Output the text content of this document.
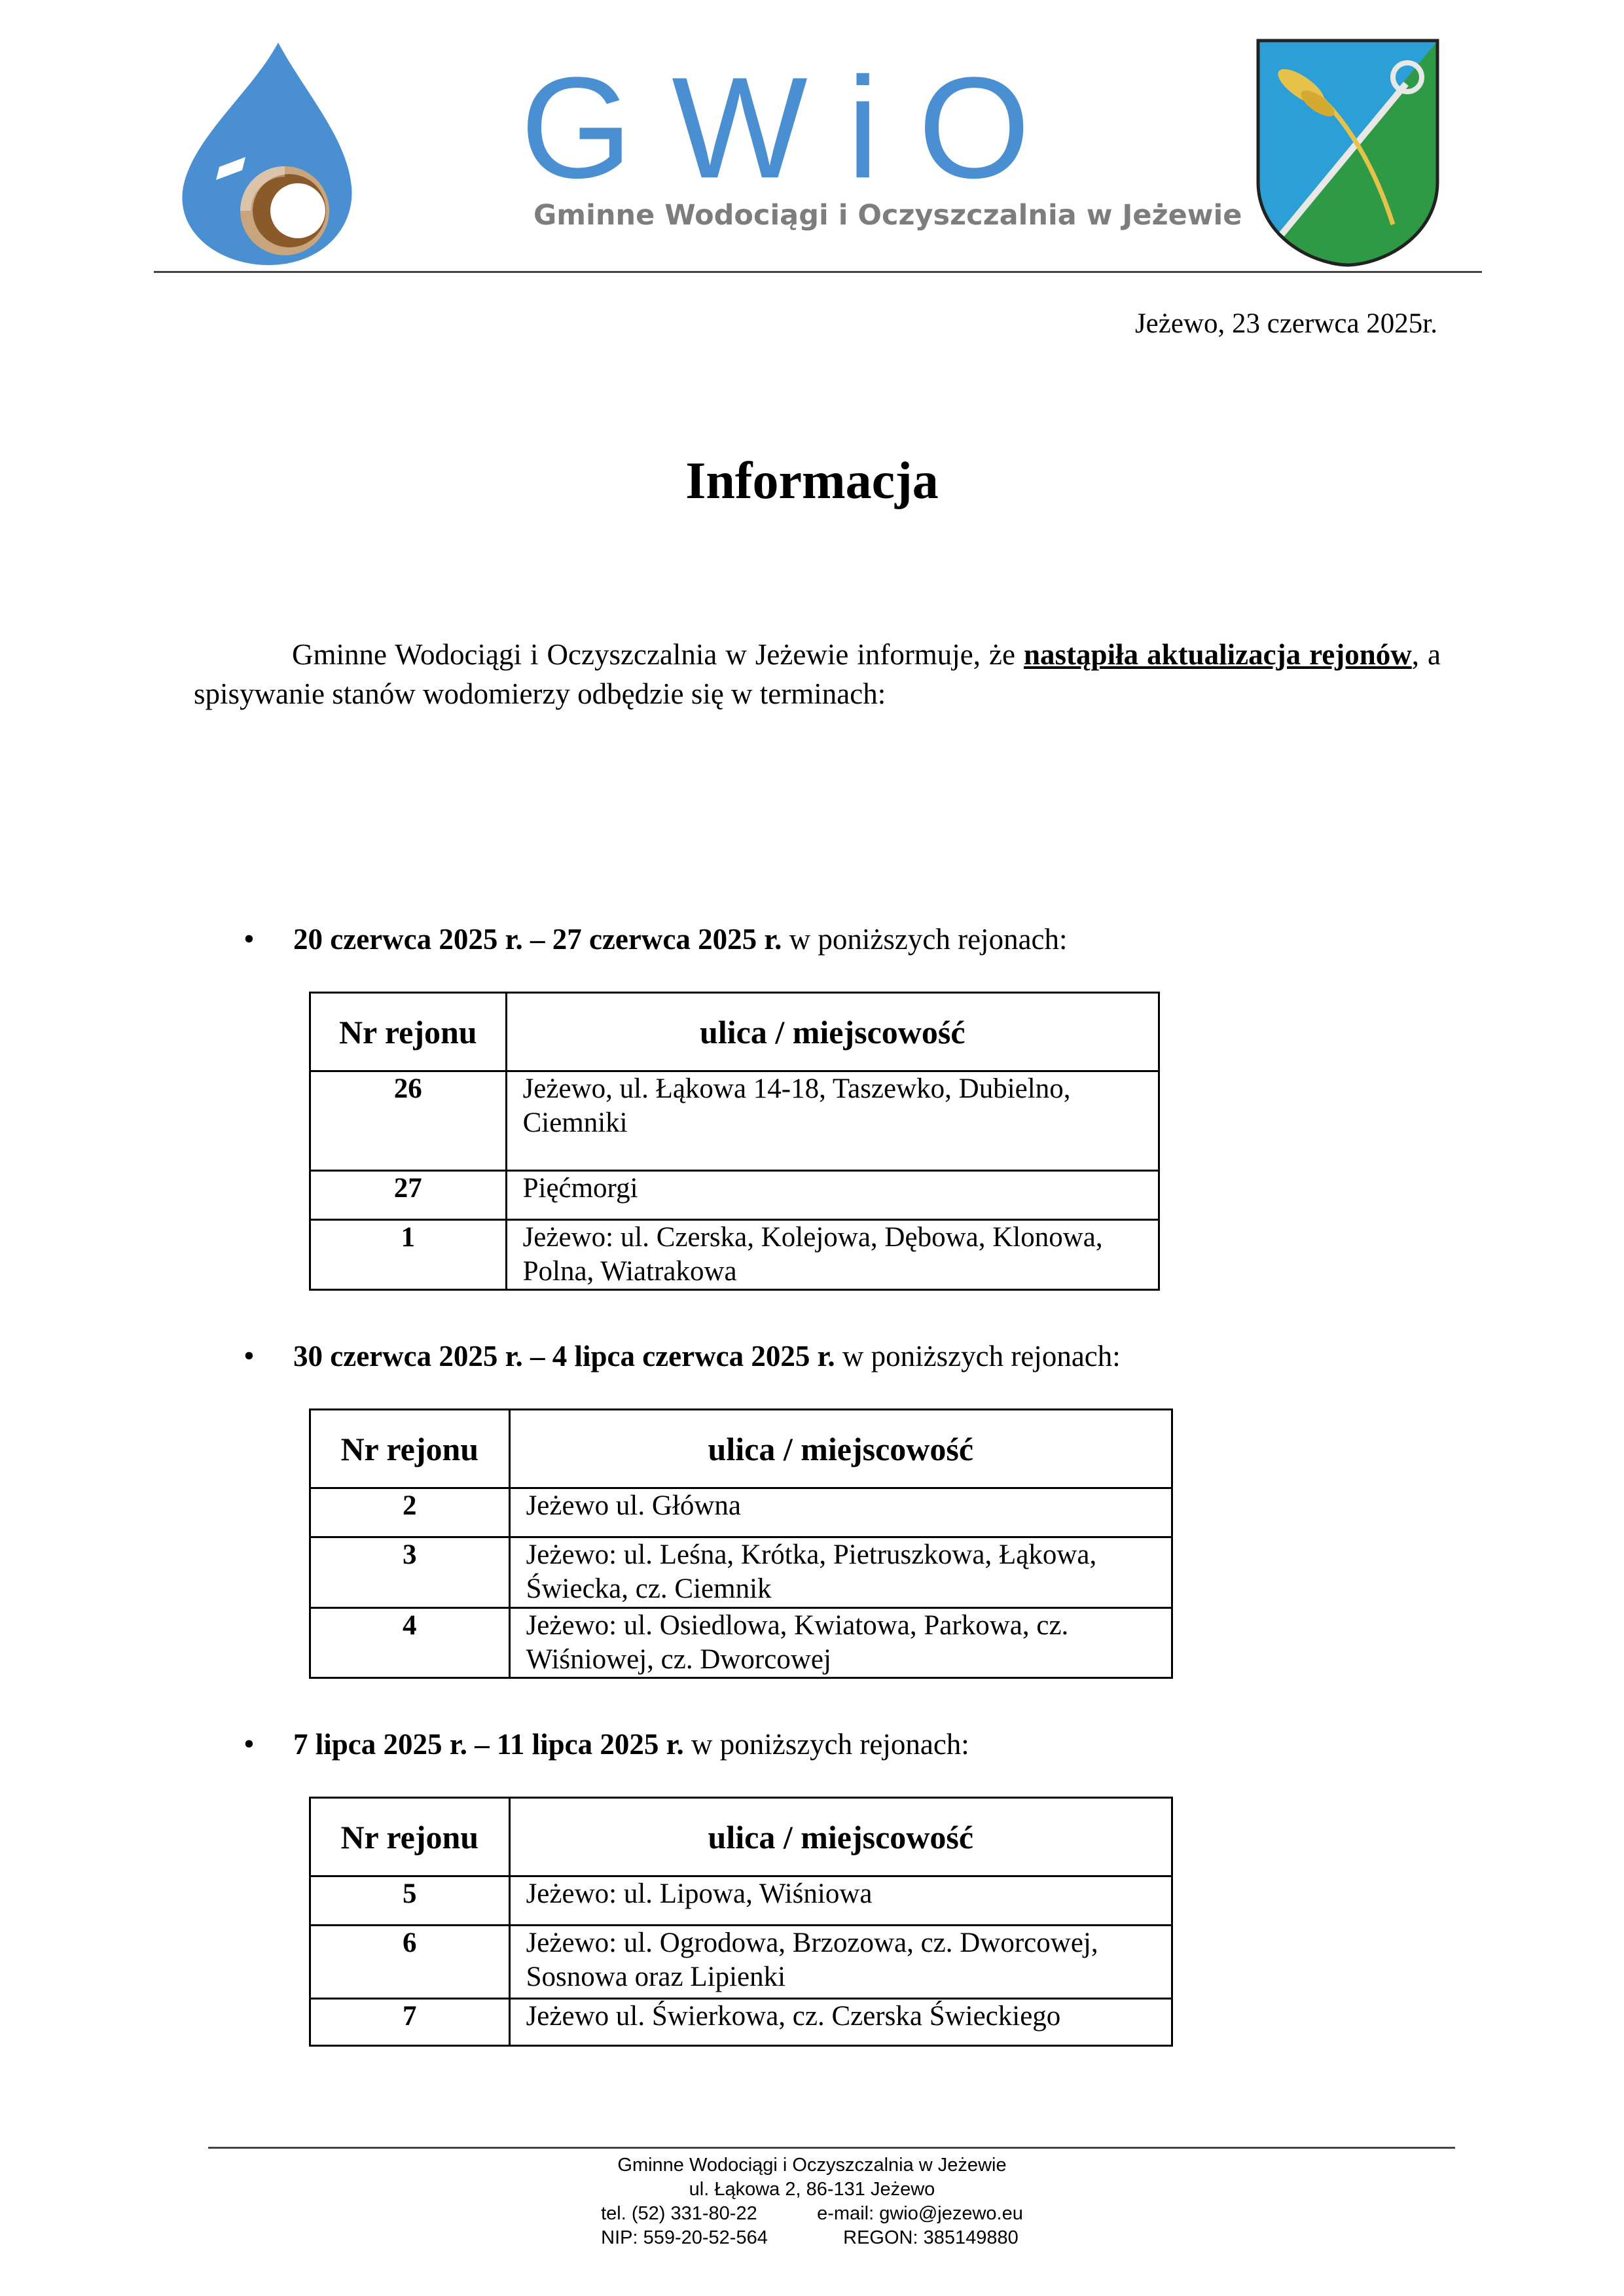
GWiO
Gminne Wodociągi i Oczyszczalnia w Jeżewie
Jeżewo, 23 czerwca 2025r.
Informacja
Gminne Wodociągi i Oczyszczalnia w Jeżewie informuje, że nastąpiła aktualizacja rejonów, a spisywanie stanów wodomierzy odbędzie się w terminach:
• 20 czerwca 2025 r. – 27 czerwca 2025 r. w poniższych rejonach:
Nr rejonu	ulica / miejscowość
26	Jeżewo, ul. Łąkowa 14-18, Taszewko, Dubielno,
Ciemniki
27	Pięćmorgi
1	Jeżewo: ul. Czerska, Kolejowa, Dębowa, Klonowa,
Polna, Wiatrakowa
• 30 czerwca 2025 r. – 4 lipca czerwca 2025 r. w poniższych rejonach:
Nr rejonu	ulica / miejscowość
2	Jeżewo ul. Główna
3	Jeżewo: ul. Leśna, Krótka, Pietruszkowa, Łąkowa,
Świecka, cz. Ciemnik
4	Jeżewo: ul. Osiedlowa, Kwiatowa, Parkowa, cz.
Wiśniowej, cz. Dworcowej
• 7 lipca 2025 r. – 11 lipca 2025 r. w poniższych rejonach:
Nr rejonu	ulica / miejscowość
5	Jeżewo: ul. Lipowa, Wiśniowa
6	Jeżewo: ul. Ogrodowa, Brzozowa, cz. Dworcowej,
Sosnowa oraz Lipienki
7	Jeżewo ul. Świerkowa, cz. Czerska Świeckiego
Gminne Wodociągi i Oczyszczalnia w Jeżewie
ul. Łąkowa 2, 86-131 Jeżewo
tel. (52) 331-80-22	e-mail: gwio@jezewo.eu
NIP: 559-20-52-564	REGON: 385149880
